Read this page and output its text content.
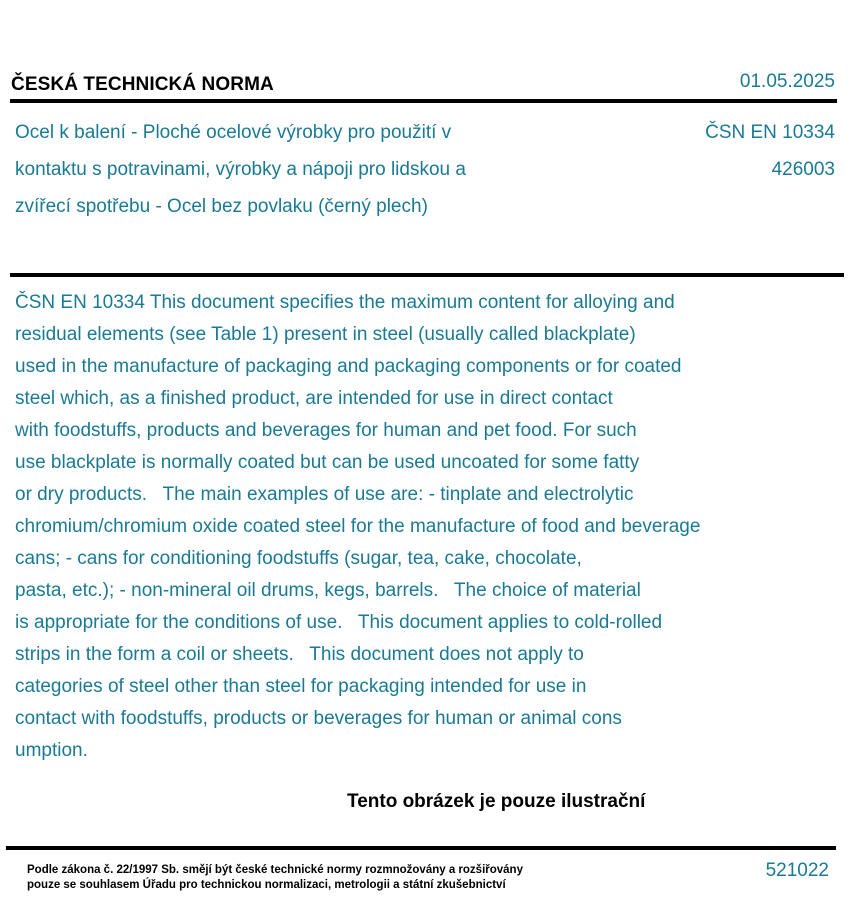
ČESKÁ TECHNICKÁ NORMA	01.05.2025
Ocel k balení - Ploché ocelové výrobky pro použití v
kontaktu s potravinami, výrobky a nápoji pro lidskou a
zvířecí spotřebu - Ocel bez povlaku (černý plech)
ČSN EN 10334
426003
ČSN EN 10334 This document specifies the maximum content for alloying and
residual elements (see Table 1) present in steel (usually called blackplate)
used in the manufacture of packaging and packaging components or for coated
steel which, as a finished product, are intended for use in direct contact
with foodstuffs, products and beverages for human and pet food. For such
use blackplate is normally coated but can be used uncoated for some fatty
or dry products.   The main examples of use are: - tinplate and electrolytic
chromium/chromium oxide coated steel for the manufacture of food and beverage
cans; - cans for conditioning foodstuffs (sugar, tea, cake, chocolate,
pasta, etc.); - non-mineral oil drums, kegs, barrels.   The choice of material
is appropriate for the conditions of use.   This document applies to cold-rolled
strips in the form a coil or sheets.   This document does not apply to
categories of steel other than steel for packaging intended for use in
contact with foodstuffs, products or beverages for human or animal cons
umption.
Tento obrázek je pouze ilustrační
Podle zákona č. 22/1997 Sb. smějí být české technické normy rozmnožovány a rozšiřovány
pouze se souhlasem Úřadu pro technickou normalizaci, metrologii a státní zkušebnictví
521022
